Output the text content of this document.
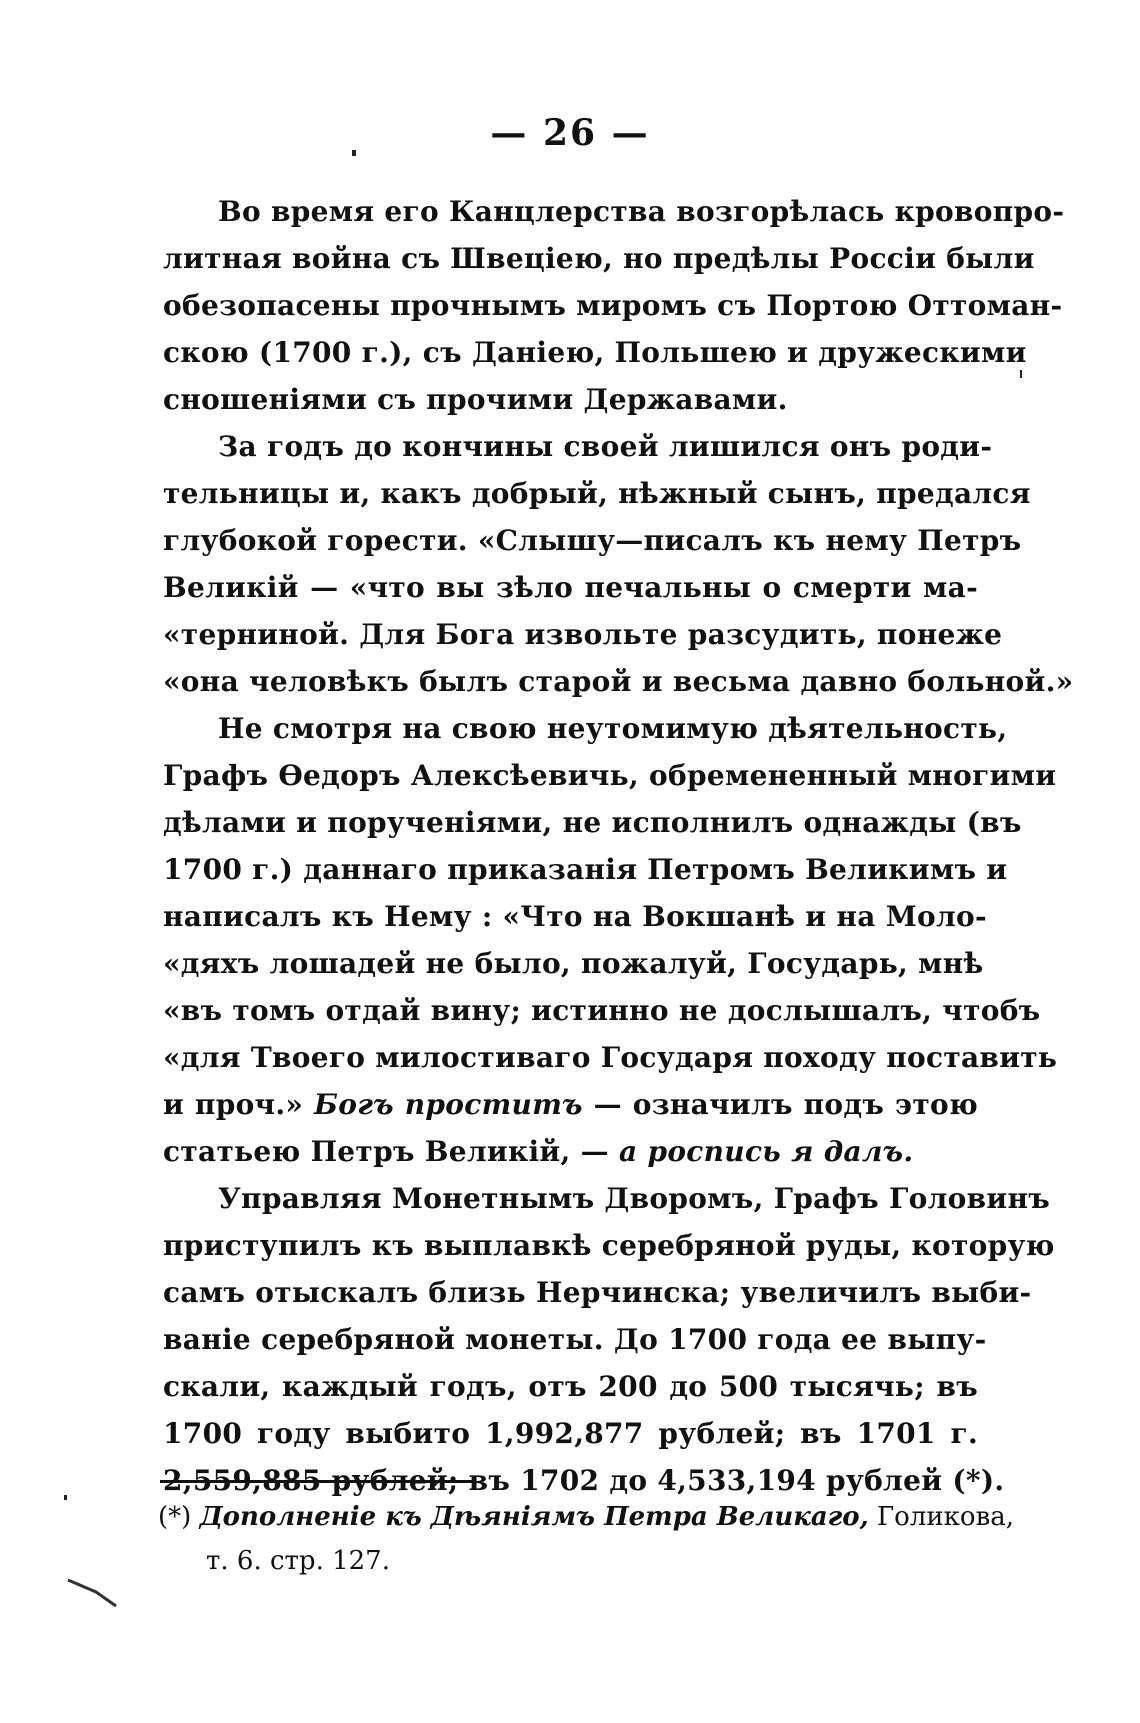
— 26 —
Во время его Канцлерства возгорѣлась кровопро-
литная война съ Швецiею, но предѣлы Россiи были
обезопасены прочнымъ миромъ съ Портою Оттоман-
скою (1700 г.), съ Данiею, Польшею и дружескими
сношенiями съ прочими Державами.
За годъ до кончины своей лишился онъ роди-
тельницы и, какъ добрый, нѣжный сынъ, предался
глубокой горести. «Слышу—писалъ къ нему Петръ
Великiй — «что вы зѣло печальны о смерти ма-
«терниной. Для Бога извольте разсудить, понеже
«она человѣкъ былъ старой и весьма давно больной.»
Не смотря на свою неутомимую дѣятельность,
Графъ Өедоръ Алексѣевичь, обремененный многими
дѣлами и порученiями, не исполнилъ однажды (въ
1700 г.) даннаго приказанiя Петромъ Великимъ и
написалъ къ Нему : «Что на Вокшанѣ и на Моло-
«дяхъ лошадей не было, пожалуй, Государь, мнѣ
«въ томъ отдай вину; истинно не дослышалъ, чтобъ
«для Твоего милостиваго Государя походу поставить
и проч.» Богъ проститъ — означилъ подъ этою
статьею Петръ Великiй, — а роспись я далъ.
Управляя Монетнымъ Дворомъ, Графъ Головинъ
приступилъ къ выплавкѣ серебряной руды, которую
самъ отыскалъ близь Нерчинска; увеличилъ выби-
ванiе серебряной монеты. До 1700 года ее выпу-
скали, каждый годъ, отъ 200 до 500 тысячь; въ
1700 году выбито 1,992,877 рублей; въ 1701 г.
2,559,885 рублей; въ 1702 до 4,533,194 рублей (*).
(*) Дополненiе къ Дѣянiямъ Петра Великаго, Голикова,
т. 6. стр. 127.
